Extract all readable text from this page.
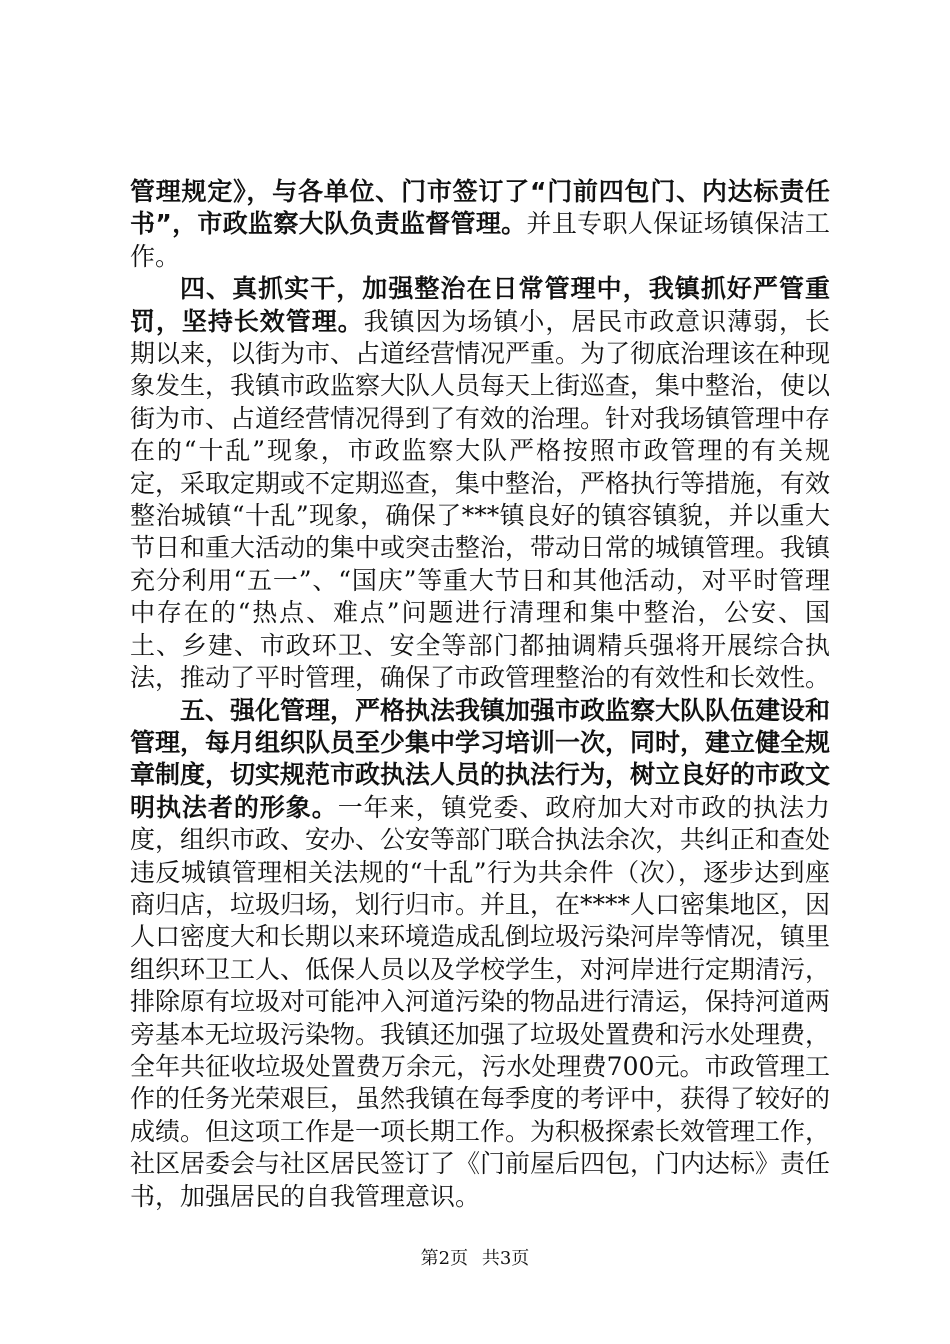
管理规定》，与各单位、门市签订了“门前四包门、内达标责任书”，市政监察大队负责监督管理。并且专职人保证场镇保洁工作。

四、真抓实干，加强整治在日常管理中，我镇抓好严管重罚，坚持长效管理。我镇因为场镇小，居民市政意识薄弱，长期以来，以街为市、占道经营情况严重。为了彻底治理该在种现象发生，我镇市政监察大队人员每天上街巡查，集中整治，使以街为市、占道经营情况得到了有效的治理。针对我场镇管理中存在的“十乱”现象，市政监察大队严格按照市政管理的有关规定，采取定期或不定期巡查，集中整治，严格执行等措施，有效整治城镇“十乱”现象，确保了***镇良好的镇容镇貌，并以重大节日和重大活动的集中或突击整治，带动日常的城镇管理。我镇充分利用“五一”、“国庆”等重大节日和其他活动，对平时管理中存在的“热点、难点”问题进行清理和集中整治，公安、国土、乡建、市政环卫、安全等部门都抽调精兵强将开展综合执法，推动了平时管理，确保了市政管理整治的有效性和长效性。

五、强化管理，严格执法我镇加强市政监察大队队伍建设和管理，每月组织队员至少集中学习培训一次，同时，建立健全规章制度，切实规范市政执法人员的执法行为，树立良好的市政文明执法者的形象。一年来，镇党委、政府加大对市政的执法力度，组织市政、安办、公安等部门联合执法余次，共纠正和查处违反城镇管理相关法规的“十乱”行为共余件（次），逐步达到座商归店，垃圾归场，划行归市。并且，在****人口密集地区，因人口密度大和长期以来环境造成乱倒垃圾污染河岸等情况，镇里组织环卫工人、低保人员以及学校学生，对河岸进行定期清污，排除原有垃圾对可能冲入河道污染的物品进行清运，保持河道两旁基本无垃圾污染物。我镇还加强了垃圾处置费和污水处理费，全年共征收垃圾处置费万余元，污水处理费700元。市政管理工作的任务光荣艰巨，虽然我镇在每季度的考评中，获得了较好的成绩。但这项工作是一项长期工作。为积极探索长效管理工作，社区居委会与社区居民签订了《门前屋后四包，门内达标》责任书，加强居民的自我管理意识。

第2页 共3页
